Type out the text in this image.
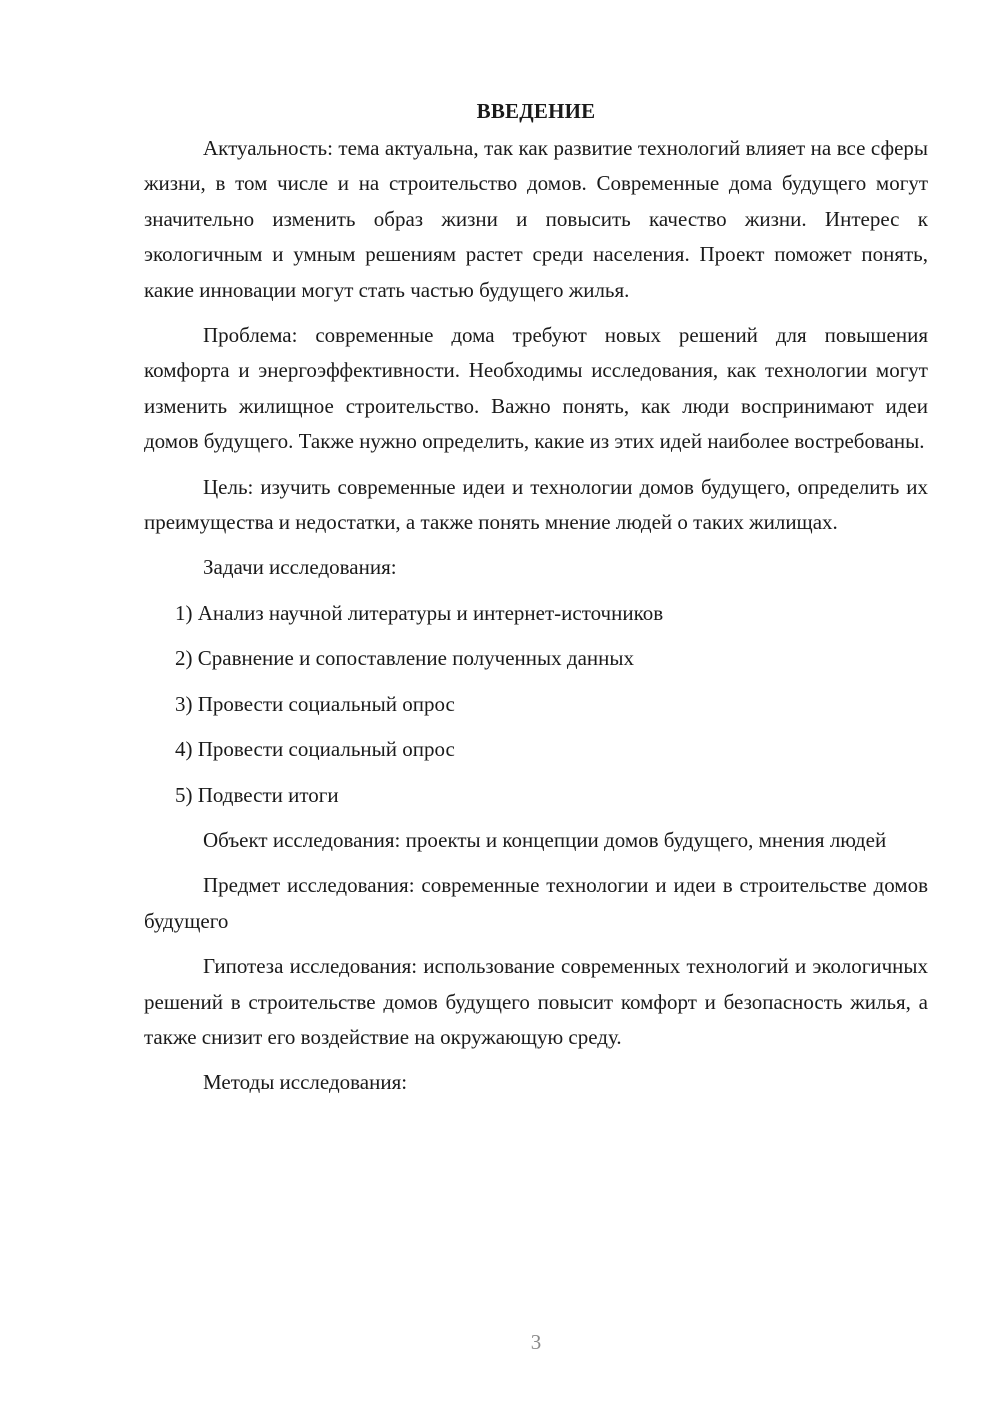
ВВЕДЕНИЕ

Актуальность: тема актуальна, так как развитие технологий влияет на все сферы жизни, в том числе и на строительство домов. Современные дома будущего могут значительно изменить образ жизни и повысить качество жизни. Интерес к экологичным и умным решениям растет среди населения. Проект поможет понять, какие инновации могут стать частью будущего жилья.

Проблема: современные дома требуют новых решений для повышения комфорта и энергоэффективности. Необходимы исследования, как технологии могут изменить жилищное строительство. Важно понять, как люди воспринимают идеи домов будущего. Также нужно определить, какие из этих идей наиболее востребованы.

Цель: изучить современные идеи и технологии домов будущего, определить их преимущества и недостатки, а также понять мнение людей о таких жилищах.

Задачи исследования:

1) Анализ научной литературы и интернет-источников
2) Сравнение и сопоставление полученных данных
3) Провести социальный опрос
4) Провести социальный опрос
5) Подвести итоги

Объект исследования: проекты и концепции домов будущего, мнения людей

Предмет исследования: современные технологии и идеи в строительстве домов будущего

Гипотеза исследования: использование современных технологий и экологичных решений в строительстве домов будущего повысит комфорт и безопасность жилья, а также снизит его воздействие на окружающую среду.

Методы исследования:

3
